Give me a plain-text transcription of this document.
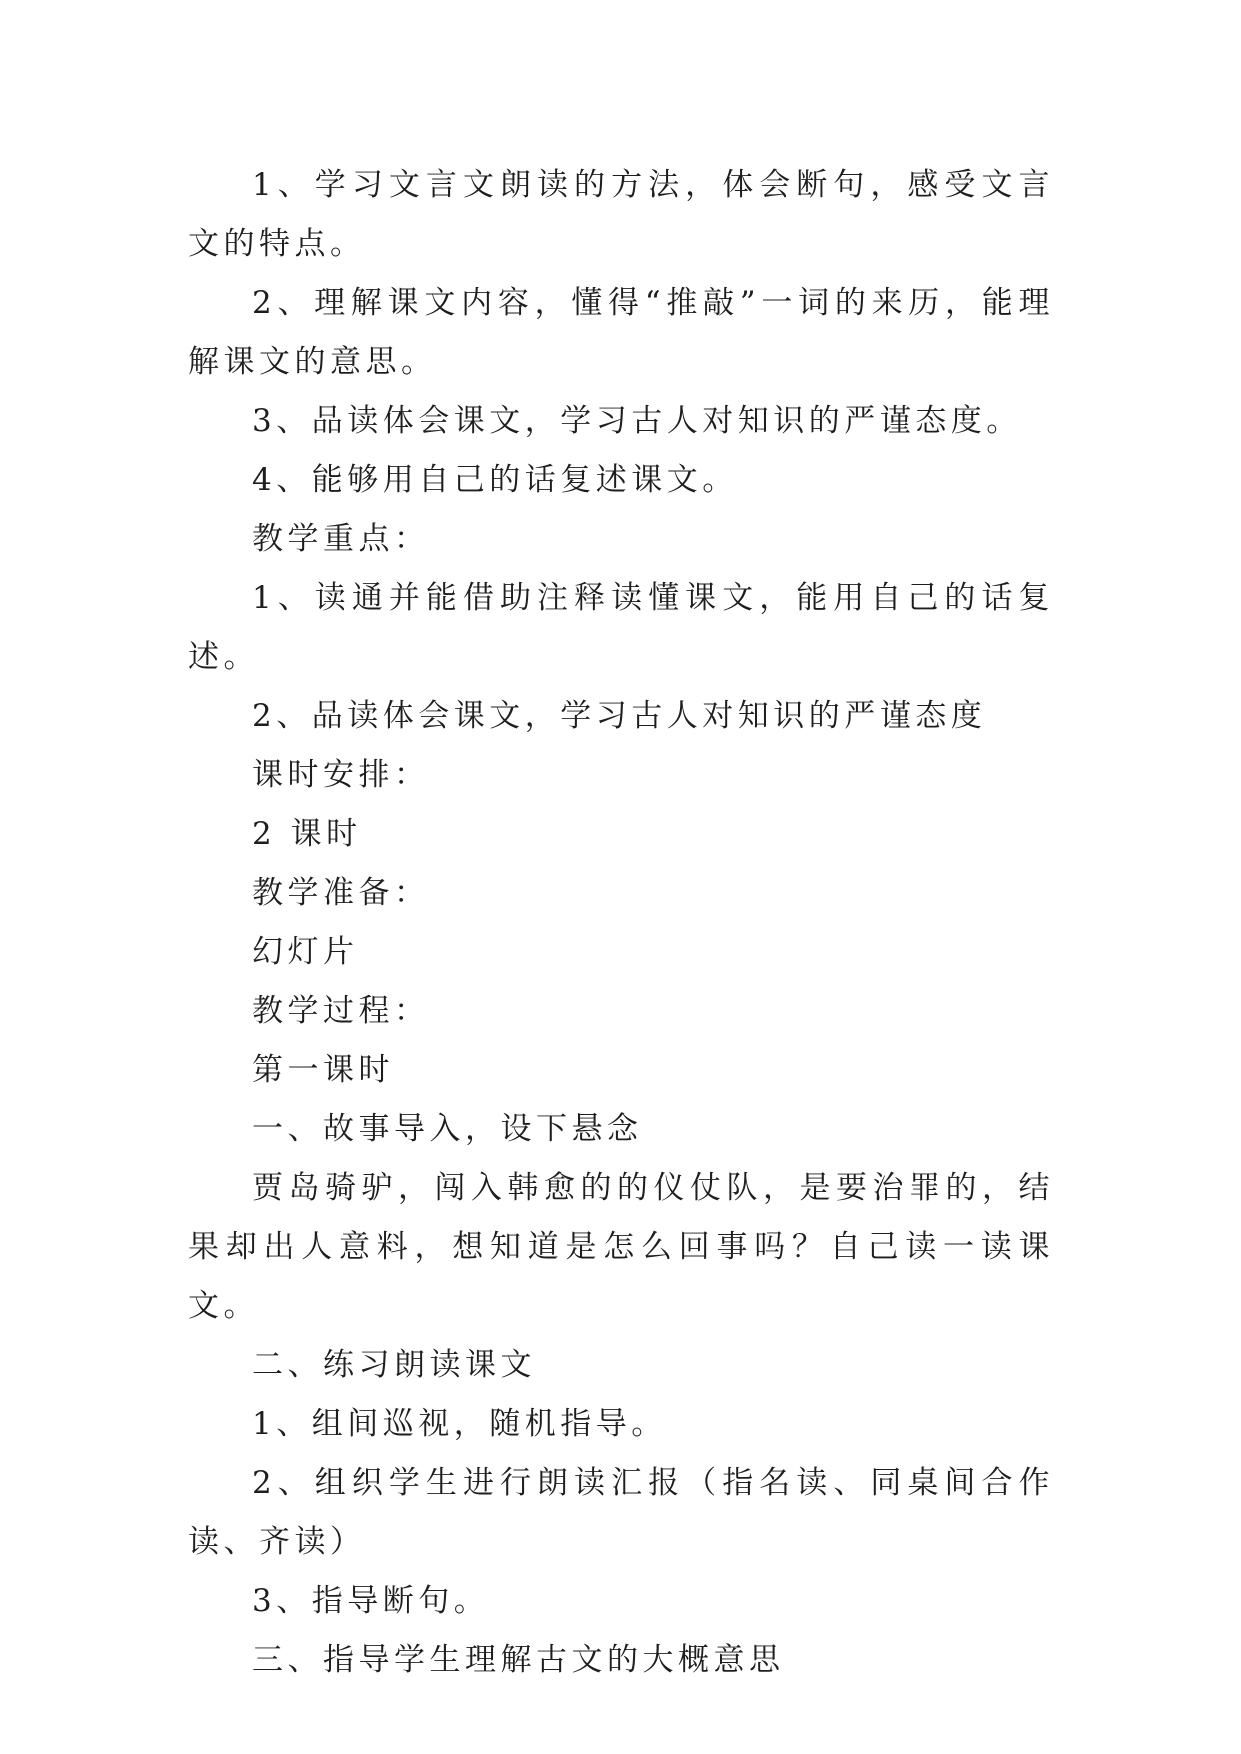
1、学习文言文朗读的方法，体会断句，感受文言文的特点。

2、理解课文内容，懂得“推敲”一词的来历，能理解课文的意思。

3、品读体会课文，学习古人对知识的严谨态度。

4、能够用自己的话复述课文。

教学重点：

1、读通并能借助注释读懂课文，能用自己的话复述。

2、品读体会课文，学习古人对知识的严谨态度

课时安排：

2 课时

教学准备：

幻灯片

教学过程：

第一课时

一、故事导入，设下悬念

贾岛骑驴，闯入韩愈的的仪仗队，是要治罪的，结果却出人意料，想知道是怎么回事吗？自己读一读课文。

二、练习朗读课文

1、组间巡视，随机指导。

2、组织学生进行朗读汇报（指名读、同桌间合作读、齐读）

3、指导断句。

三、指导学生理解古文的大概意思
